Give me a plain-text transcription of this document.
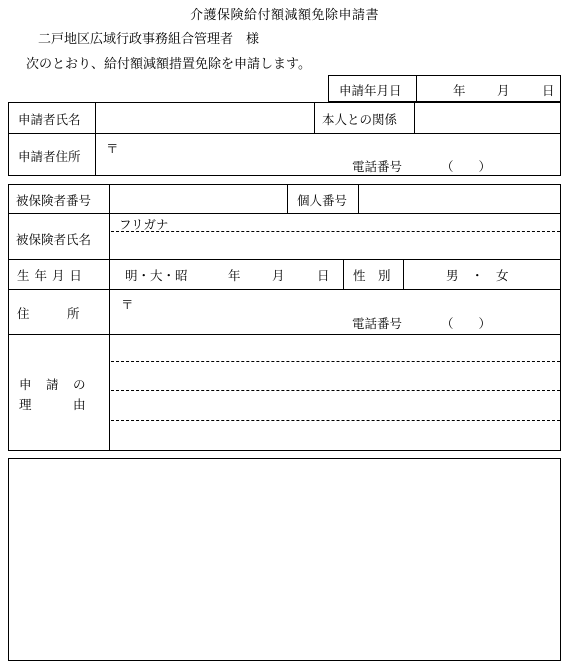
介護保険給付額減額免除申請書
二戸地区広域行政事務組合管理者　様
次のとおり、給付額減額措置免除を申請します。
申請年月日	年	月	日
申請者氏名	本人との関係
申請者住所
〒
電話番号	（　　）
被保険者番号	個人番号
被保険者氏名
フリガナ
生 年 月 日	明・大・昭	年	月	日 性　別	男　・　女
住　　　所
〒
電話番号	（　　）
申　請　の
理　　　由
